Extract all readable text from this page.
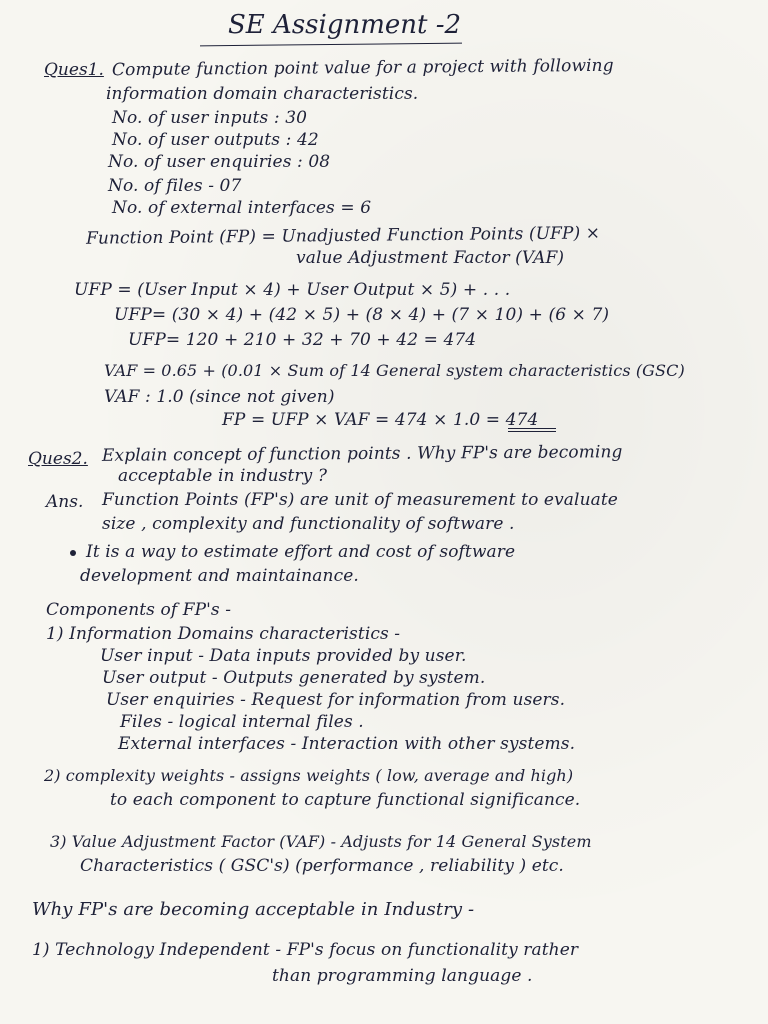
SE Assignment -2
Ques1. Compute function point value for a project with following
information domain characteristics.
No. of user inputs : 30
No. of user outputs : 42
No. of user enquiries : 08
No. of files - 07
No. of external interfaces = 6
Function Point (FP) = Unadjusted Function Points (UFP) ×
value Adjustment Factor (VAF)
UFP = (User Input × 4) + User Output × 5) + . . .
UFP= (30 × 4) + (42 × 5) + (8 × 4) + (7 × 10) + (6 × 7)
UFP= 120 + 210 + 32 + 70 + 42 = 474
VAF = 0.65 + (0.01 × Sum of 14 General system characteristics (GSC)
VAF : 1.0 (since not given)
FP = UFP × VAF = 474 × 1.0 = 474
Ques2. Explain concept of function points . Why FP's are becoming
acceptable in industry ?
Ans. Function Points (FP's) are unit of measurement to evaluate
size , complexity and functionality of software .
It is a way to estimate effort and cost of software
development and maintainance.
Components of FP's -
1) Information Domains characteristics -
User input - Data inputs provided by user.
User output - Outputs generated by system.
User enquiries - Request for information from users.
Files - logical internal files .
External interfaces - Interaction with other systems.
2) complexity weights - assigns weights ( low, average and high)
to each component to capture functional significance.
3) Value Adjustment Factor (VAF) - Adjusts for 14 General System
Characteristics ( GSC's) (performance , reliability ) etc.
Why FP's are becoming acceptable in Industry -
1) Technology Independent - FP's focus on functionality rather
than programming language .
